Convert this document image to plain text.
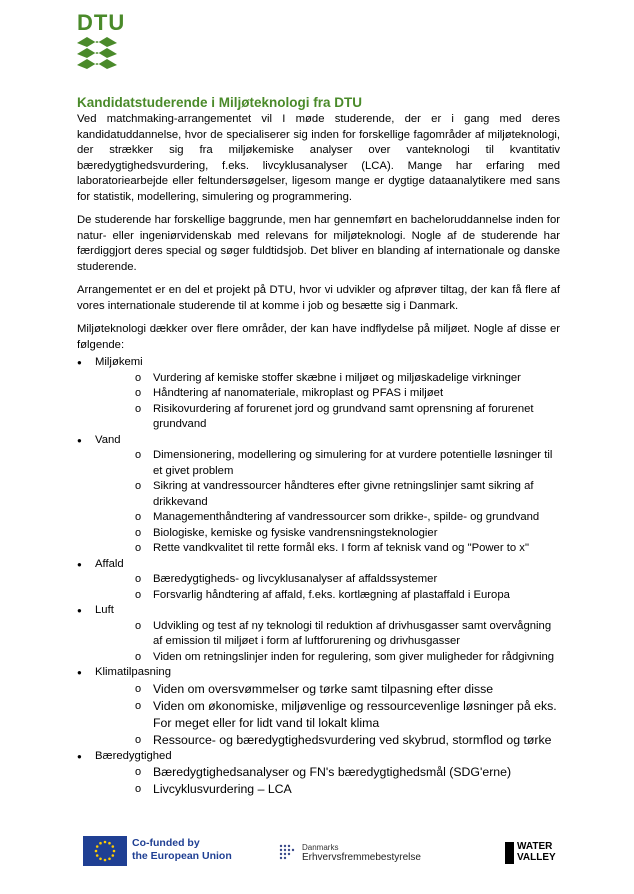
DTU
Kandidatstuderende i Miljøteknologi fra DTU

Ved matchmaking-arrangementet vil I møde studerende, der er i gang med deres kandidatuddannelse, hvor de specialiserer sig inden for forskellige fagområder af miljøteknologi, der strækker sig fra miljøkemiske analyser over vanteknologi til kvantitativ bæredygtighedsvurdering, f.eks. livcyklusanalyser (LCA). Mange har erfaring med laboratoriearbejde eller feltundersøgelser, ligesom mange er dygtige dataanalytikere med sans for statistik, modellering, simulering og programmering.

De studerende har forskellige baggrunde, men har gennemført en bacheloruddannelse inden for natur- eller ingeniørvidenskab med relevans for miljøteknologi. Nogle af de studerende har færdiggjort deres special og søger fuldtidsjob. Det bliver en blanding af internationale og danske studerende.

Arrangementet er en del et projekt på DTU, hvor vi udvikler og afprøver tiltag, der kan få flere af vores internationale studerende til at komme i job og besætte sig i Danmark.

Miljøteknologi dækker over flere områder, der kan have indflydelse på miljøet. Nogle af disse er følgende:

● Miljøkemi
o Vurdering af kemiske stoffer skæbne i miljøet og miljøskadelige virkninger
o Håndtering af nanomateriale, mikroplast og PFAS i miljøet
o Risikovurdering af forurenet jord og grundvand samt oprensning af forurenet grundvand
● Vand
o Dimensionering, modellering og simulering for at vurdere potentielle løsninger til et givet problem
o Sikring at vandressourcer håndteres efter givne retningslinjer samt sikring af drikkevand
o Managementhåndtering af vandressourcer som drikke-, spilde- og grundvand
o Biologiske, kemiske og fysiske vandrensningsteknologier
o Rette vandkvalitet til rette formål eks. I form af teknisk vand og "Power to x"
● Affald
o Bæredygtigheds- og livcyklusanalyser af affaldssystemer
o Forsvarlig håndtering af affald, f.eks. kortlægning af plastaffald i Europa
● Luft
o Udvikling og test af ny teknologi til reduktion af drivhusgasser samt overvågning af emission til miljøet i form af luftforurening og drivhusgasser
o Viden om retningslinjer inden for regulering, som giver muligheder for rådgivning
● Klimatilpasning
o Viden om oversvømmelser og tørke samt tilpasning efter disse
o Viden om økonomiske, miljøvenlige og ressourcevenlige løsninger på eks. For meget eller for lidt vand til lokalt klima
o Ressource- og bæredygtighedsvurdering ved skybrud, stormflod og tørke
● Bæredygtighed
o Bæredygtighedsanalyser og FN's bæredygtighedsmål (SDG'erne)
o Livcyklusvurdering – LCA
Co-funded by
the European Union
Danmarks
Erhvervsfremmebestyrelse
WATER
VALLEY
